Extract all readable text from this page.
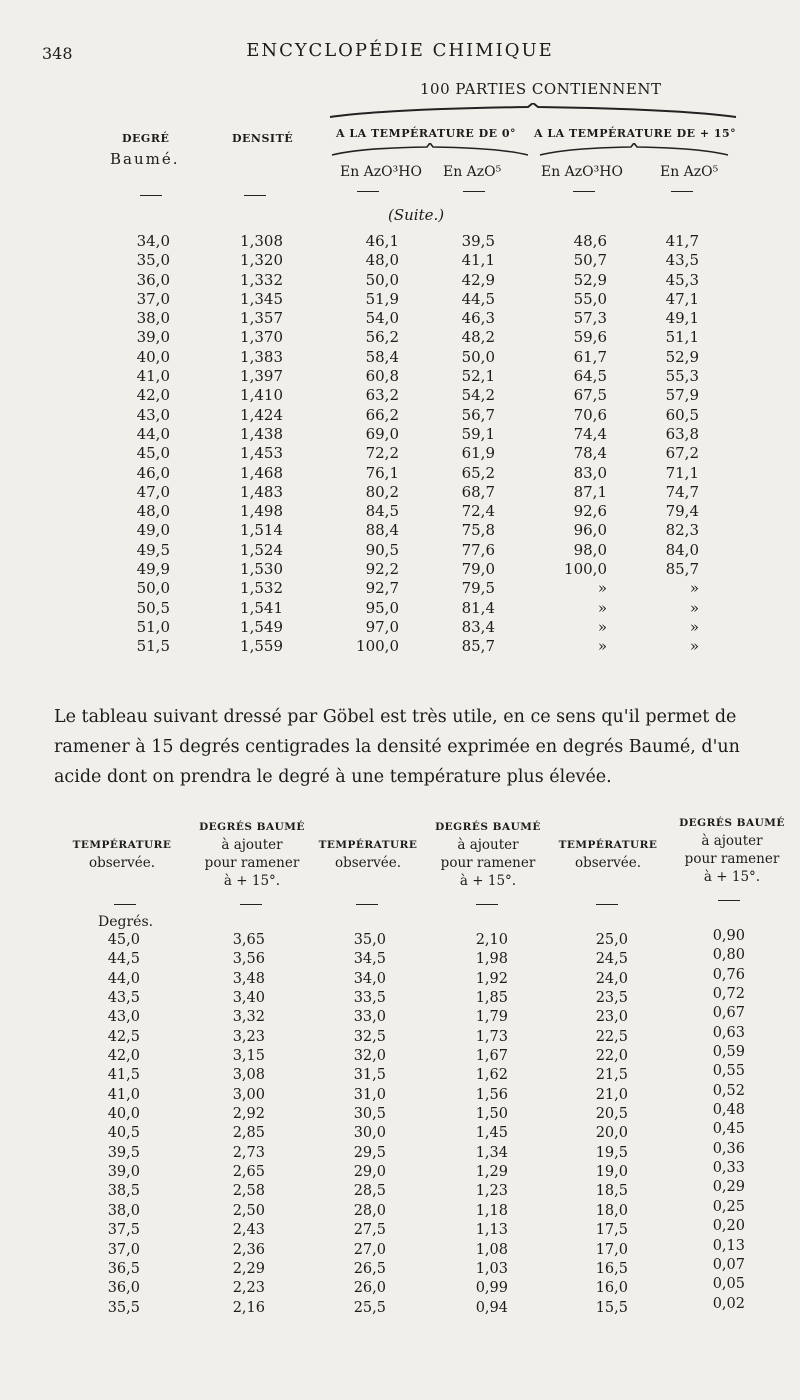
348	ENCYCLOPÉDIE CHIMIQUE
100 PARTIES CONTIENNENT
DEGRÉ
Baumé.
DENSITÉ	A LA TEMPÉRATURE DE 0° A LA TEMPÉRATURE DE + 15°
En AzO³HO En AzO⁵	En AzO³HO	En AzO⁵
(Suite.)
34,0	1,308	46,1	39,5	48,6	41,7
35,0	1,320	48,0	41,1	50,7	43,5
36,0	1,332	50,0	42,9	52,9	45,3
37,0	1,345	51,9	44,5	55,0	47,1
38,0	1,357	54,0	46,3	57,3	49,1
39,0	1,370	56,2	48,2	59,6	51,1
40,0	1,383	58,4	50,0	61,7	52,9
41,0	1,397	60,8	52,1	64,5	55,3
42,0	1,410	63,2	54,2	67,5	57,9
43,0	1,424	66,2	56,7	70,6	60,5
44,0	1,438	69,0	59,1	74,4	63,8
45,0	1,453	72,2	61,9	78,4	67,2
46,0	1,468	76,1	65,2	83,0	71,1
47,0	1,483	80,2	68,7	87,1	74,7
48,0	1,498	84,5	72,4	92,6	79,4
49,0	1,514	88,4	75,8	96,0	82,3
49,5	1,524	90,5	77,6	98,0	84,0
49,9	1,530	92,2	79,0	100,0	85,7
50,0	1,532	92,7	79,5	»	»
50,5	1,541	95,0	81,4	»	»
51,0	1,549	97,0	83,4	»	»
51,5	1,559	100,0	85,7	»	»
Le tableau suivant dressé par Göbel est très utile, en ce sens qu'il permet de
ramener à 15 degrés centigrades la densité exprimée en degrés Baumé, d'un
acide dont on prendra le degré à une température plus élevée.
TEMPÉRATURE
observée.
DEGRÉS BAUMÉ
à ajouter
pour ramener
à + 15°.
TEMPÉRATURE
observée.
DEGRÉS BAUMÉ
à ajouter
pour ramener
à + 15°.
TEMPÉRATURE
observée.
DEGRÉS BAUMÉ
à ajouter
pour ramener
à + 15°.
Degrés.
45,0	3,65	35,0	2,10	25,0	0,90
44,5	3,56	34,5	1,98	24,5	0,80
44,0	3,48	34,0	1,92	24,0	0,76
43,5	3,40	33,5	1,85	23,5	0,72
43,0	3,32	33,0	1,79	23,0	0,67
42,5	3,23	32,5	1,73	22,5	0,63
42,0	3,15	32,0	1,67	22,0	0,59
41,5	3,08	31,5	1,62	21,5	0,55
41,0	3,00	31,0	1,56	21,0	0,52
40,0	2,92	30,5	1,50	20,5	0,48
40,5	2,85	30,0	1,45	20,0	0,45
39,5	2,73	29,5	1,34	19,5	0,36
39,0	2,65	29,0	1,29	19,0	0,33
38,5	2,58	28,5	1,23	18,5	0,29
38,0	2,50	28,0	1,18	18,0	0,25
37,5	2,43	27,5	1,13	17,5	0,20
37,0	2,36	27,0	1,08	17,0	0,13
36,5	2,29	26,5	1,03	16,5	0,07
36,0	2,23	26,0	0,99	16,0	0,05
35,5	2,16	25,5	0,94	15,5	0,02
